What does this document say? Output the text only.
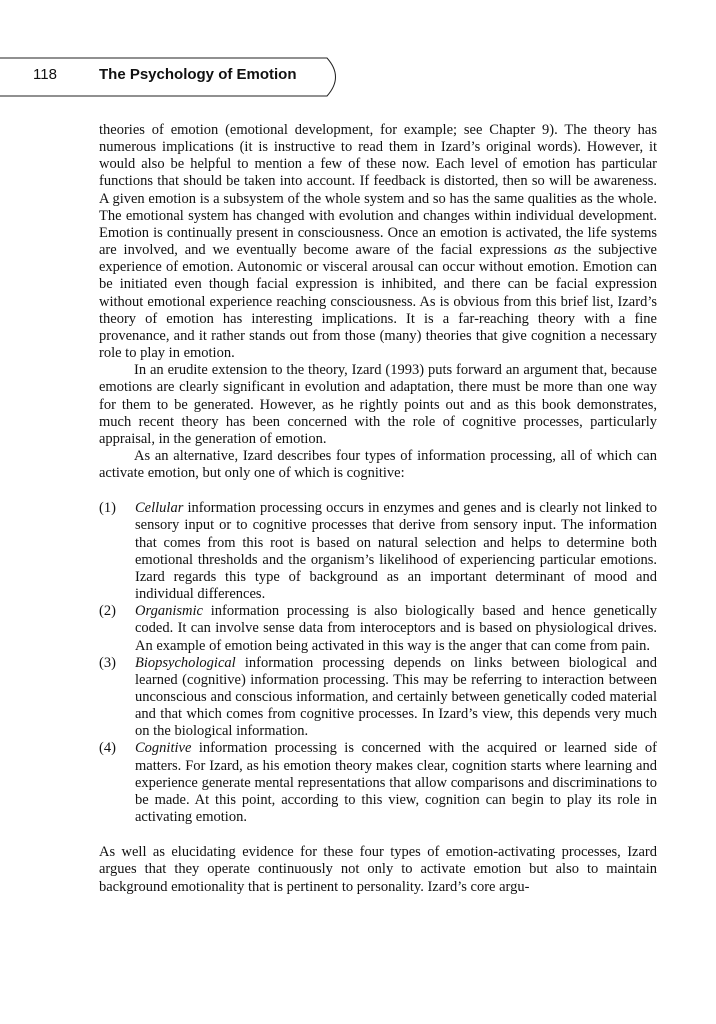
118	The Psychology of Emotion

theories of emotion (emotional development, for example; see Chapter 9). The theory has numerous implications (it is instructive to read them in Izard’s original words). However, it would also be helpful to mention a few of these now. Each level of emotion has particular functions that should be taken into account. If feedback is distorted, then so will be awareness. A given emotion is a subsystem of the whole system and so has the same qualities as the whole. The emotional system has changed with evolution and changes within individual development. Emotion is continually present in consciousness. Once an emotion is activated, the life systems are involved, and we eventually become aware of the facial expressions as the subjective experience of emotion. Autonomic or visceral arousal can occur without emotion. Emotion can be initiated even though facial expression is inhibited, and there can be facial expression without emotional experience reaching consciousness. As is obvious from this brief list, Izard’s theory of emotion has interesting implications. It is a far-reaching theory with a fine provenance, and it rather stands out from those (many) theories that give cognition a necessary role to play in emotion.

In an erudite extension to the theory, Izard (1993) puts forward an argument that, because emotions are clearly significant in evolution and adaptation, there must be more than one way for them to be generated. However, as he rightly points out and as this book demonstrates, much recent theory has been concerned with the role of cognitive processes, particularly appraisal, in the generation of emotion.

As an alternative, Izard describes four types of information processing, all of which can activate emotion, but only one of which is cognitive:

(1) Cellular information processing occurs in enzymes and genes and is clearly not linked to sensory input or to cognitive processes that derive from sensory input. The information that comes from this root is based on natural selection and helps to determine both emotional thresholds and the organism’s likelihood of experiencing particular emotions. Izard regards this type of background as an important determinant of mood and individual differences.
(2) Organismic information processing is also biologically based and hence genetically coded. It can involve sense data from interoceptors and is based on physiological drives. An example of emotion being activated in this way is the anger that can come from pain.
(3) Biopsychological information processing depends on links between biological and learned (cognitive) information processing. This may be referring to interaction between unconscious and conscious information, and certainly between genetically coded material and that which comes from cognitive processes. In Izard’s view, this depends very much on the biological information.
(4) Cognitive information processing is concerned with the acquired or learned side of matters. For Izard, as his emotion theory makes clear, cognition starts where learning and experience generate mental representations that allow comparisons and discriminations to be made. At this point, according to this view, cognition can begin to play its role in activating emotion.

As well as elucidating evidence for these four types of emotion-activating processes, Izard argues that they operate continuously not only to activate emotion but also to maintain background emotionality that is pertinent to personality. Izard’s core argu-
